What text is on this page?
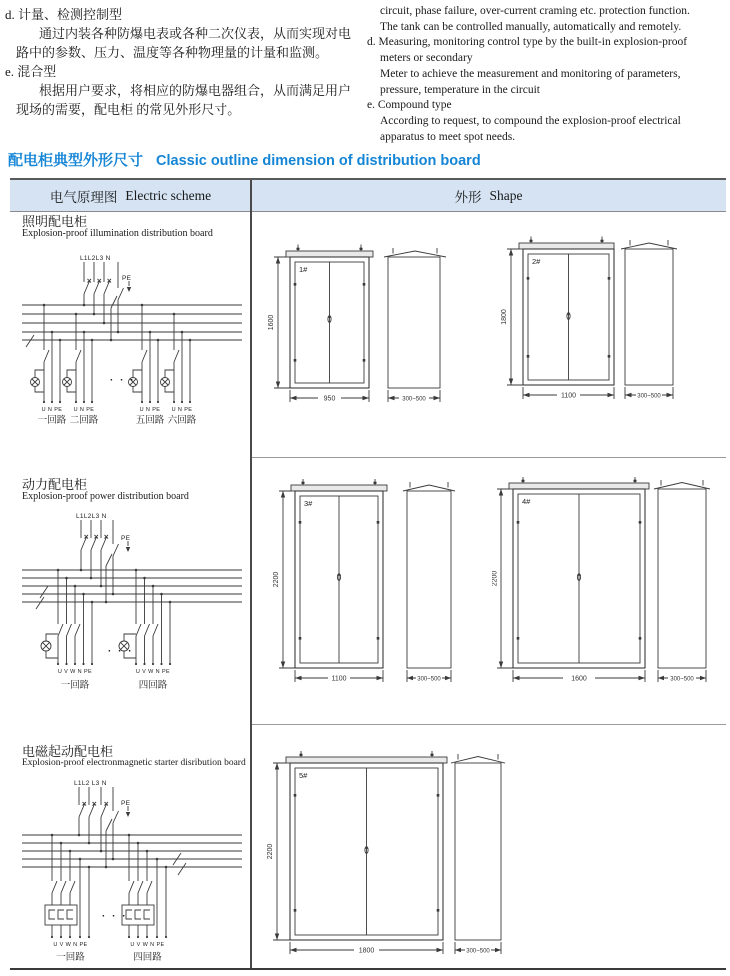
d. 计量、检测控制型
通过内装各种防爆电表或各种二次仪表，从而实现对电
路中的参数、压力、温度等各种物理量的计量和监测。
e. 混合型
根据用户要求，将相应的防爆电器组合，从而满足用户
现场的需要，配电柜 的常见外形尺寸。
circuit, phase failure, over-current craming etc. protection function.
The tank can be controlled manually, automatically and remotely.
d. Measuring, monitoring control type by the built-in explosion-proof
meters or secondary
Meter to achieve the measurement and monitoring of parameters,
pressure, temperature in the circuit
e. Compound type
According to request, to compound the explosion-proof electrical
apparatus to meet spot needs.
配电柜典型外形尺寸 Classic outline dimension of distribution board
电气原理图 Electric scheme	外形 Shape
照明配电柜
Explosion-proof illumination distribution board
L1L2L3 N
PE
U N PE U N PE
· · ·
U N PE U N PE
一回路 二回路	五回路 六回路
1600
1#
950	300~500
1800
2#
1100	300~500
动力配电柜
Explosion-proof power distribution board
L1L2L3 N
PE
U V W N PE
· · ·
U V W N PE
一回路	四回路
2200
3#
1100	300~500
2200
4#
1600	300~500
电磁起动配电柜
Explosion-proof electronmagnetic starter disribution board
L1L2 L3 N
PE
U V W N PE
· · ·
U V W N PE
一回路	四回路
2200
5#
1800	300~500
